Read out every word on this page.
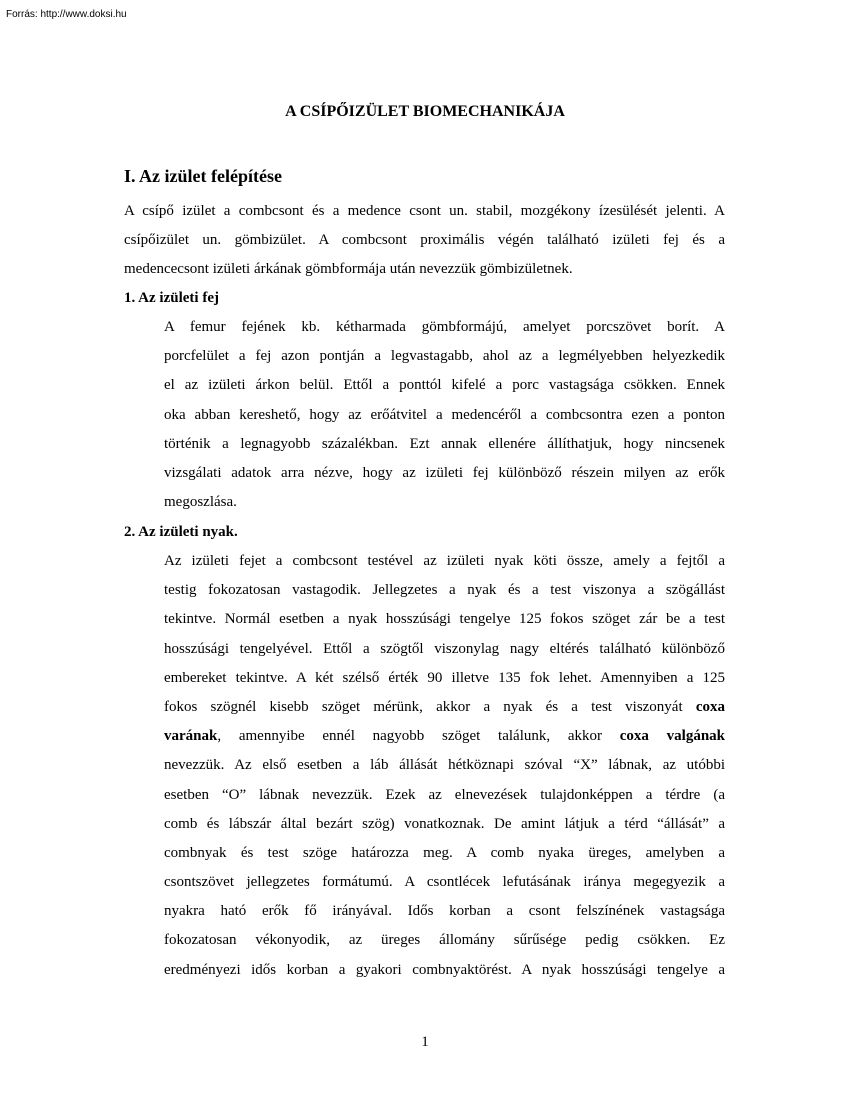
Forrás: http://www.doksi.hu
A CSÍPŐIZÜLET BIOMECHANIKÁJA
I. Az izület felépítése
A csípő izület a combcsont és a medence csont un. stabil, mozgékony ízesülését jelenti. A
csípőizület un. gömbizület. A combcsont proximális végén található izületi fej és a
medencecsont izületi árkának gömbformája után nevezzük gömbizületnek.
1. Az izületi fej
A femur fejének kb. kétharmada gömbformájú, amelyet porcszövet borít. A
porcfelület a fej azon pontján a legvastagabb, ahol az a legmélyebben helyezkedik
el az izületi árkon belül. Ettől a ponttól kifelé a porc vastagsága csökken. Ennek
oka abban kereshető, hogy az erőátvitel a medencéről a combcsontra ezen a ponton
történik a legnagyobb százalékban. Ezt annak ellenére állíthatjuk, hogy nincsenek
vizsgálati adatok arra nézve, hogy az izületi fej különböző részein milyen az erők
megoszlása.
2. Az izületi nyak.
Az izületi fejet a combcsont testével az izületi nyak köti össze, amely a fejtől a
testig fokozatosan vastagodik. Jellegzetes a nyak és a test viszonya a szögállást
tekintve. Normál esetben a nyak hosszúsági tengelye 125 fokos szöget zár be a test
hosszúsági tengelyével. Ettől a szögtől viszonylag nagy eltérés található különböző
embereket tekintve. A két szélső érték 90 illetve 135 fok lehet. Amennyiben a 125
fokos szögnél kisebb szöget mérünk, akkor a nyak és a test viszonyát coxa
varának, amennyibe ennél nagyobb szöget találunk, akkor coxa valgának
nevezzük. Az első esetben a láb állását hétköznapi szóval “X” lábnak, az utóbbi
esetben “O” lábnak nevezzük. Ezek az elnevezések tulajdonképpen a térdre (a
comb és lábszár által bezárt szög) vonatkoznak. De amint látjuk a térd “állását” a
combnyak és test szöge határozza meg. A comb nyaka üreges, amelyben a
csontszövet jellegzetes formátumú. A csontlécek lefutásának iránya megegyezik a
nyakra ható erők fő irányával. Idős korban a csont felszínének vastagsága
fokozatosan vékonyodik, az üreges állomány sűrűsége pedig csökken. Ez
eredményezi idős korban a gyakori combnyaktörést. A nyak hosszúsági tengelye a
1
